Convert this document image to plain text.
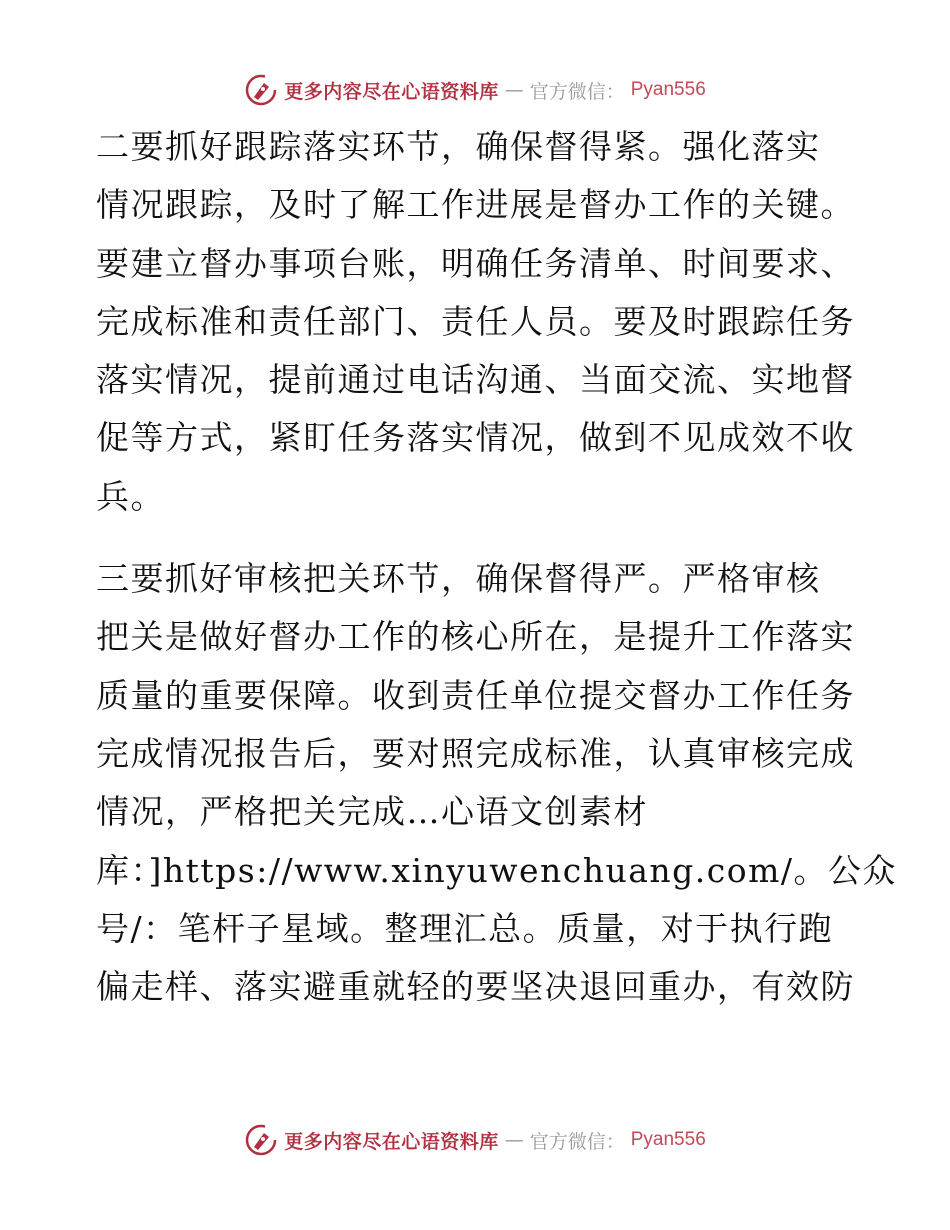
更多内容尽在心语资料库 — 官方微信： Pyan556
二要抓好跟踪落实环节，确保督得紧。强化落实
情况跟踪，及时了解工作进展是督办工作的关键。
要建立督办事项台账，明确任务清单、时间要求、
完成标准和责任部门、责任人员。要及时跟踪任务
落实情况，提前通过电话沟通、当面交流、实地督
促等方式，紧盯任务落实情况，做到不见成效不收
兵。
三要抓好审核把关环节，确保督得严。严格审核
把关是做好督办工作的核心所在，是提升工作落实
质量的重要保障。收到责任单位提交督办工作任务
完成情况报告后，要对照完成标准，认真审核完成
情况，严格把关完成…心语文创素材
库：]https://www.xinyuwenchuang.com/。公众
号/：笔杆子星域。整理汇总。质量，对于执行跑
偏走样、落实避重就轻的要坚决退回重办，有效防
更多内容尽在心语资料库 — 官方微信： Pyan556
